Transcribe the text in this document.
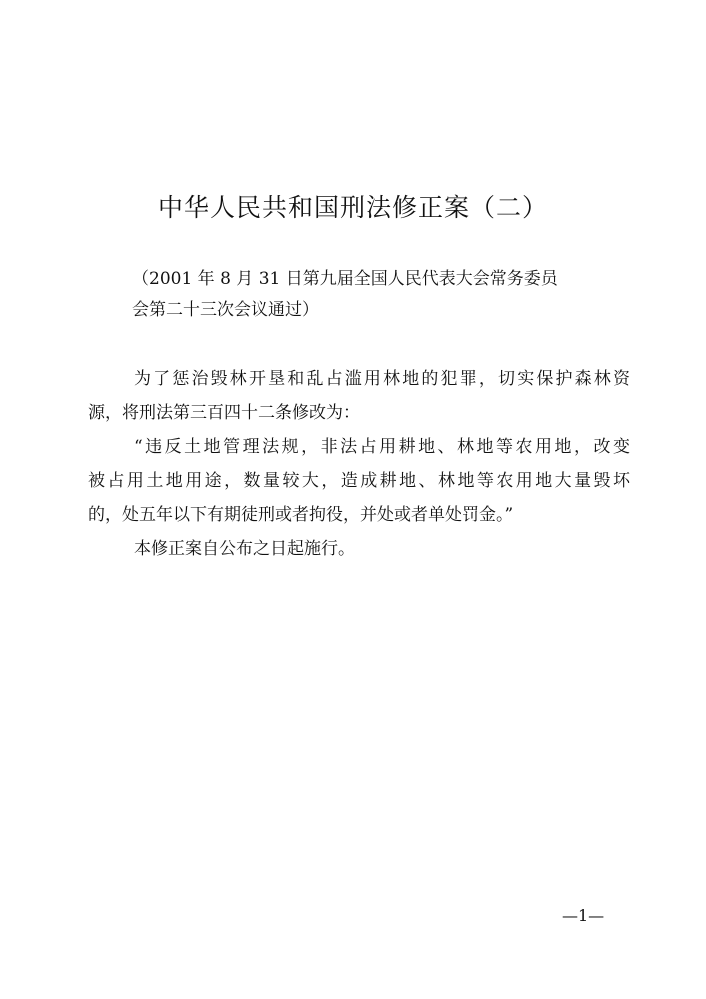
中华人民共和国刑法修正案（二）
（2001 年 8 月 31 日第九届全国人民代表大会常务委员
会第二十三次会议通过）
为了惩治毁林开垦和乱占滥用林地的犯罪，切实保护森林资
源，将刑法第三百四十二条修改为：
“违反土地管理法规，非法占用耕地、林地等农用地，改变
被占用土地用途，数量较大，造成耕地、林地等农用地大量毁坏
的，处五年以下有期徒刑或者拘役，并处或者单处罚金。”
本修正案自公布之日起施行。
—1—
